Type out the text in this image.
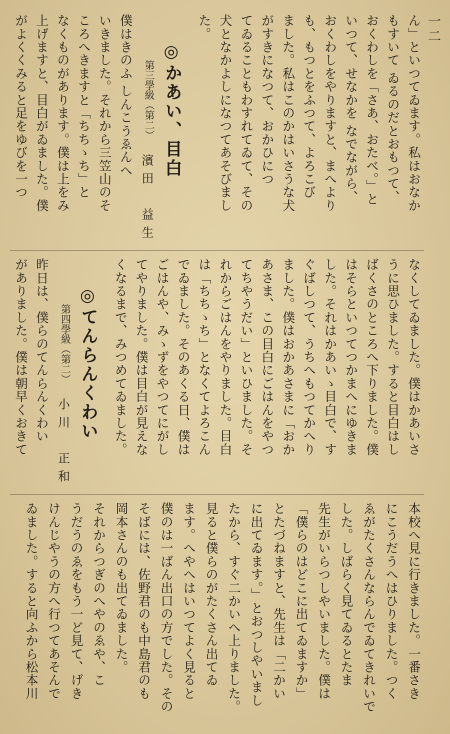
一二
ん」といつてゐます。私はおなか
もすいて ゐるのだとおもつて、
おくわしを「さあ、おたべ。」と
いつて、せなかを なでながら、
おくわしをやりますと、まへより
も、もつとをふつて、よろこび
ました。私はこのかはいさうな犬
がすきになつて、おかひにつ
てゐることもわすれてゐて、その
犬となかよしになつてあそびまし
た。
◎かあい、目白
第三學級（第二） 濱田　益生
僕はきのふ しんこうゑんへ
いきました。それから三笠山のそ
ころへきますと「ちちゝち」と
なくものがあります。僕は上をみ
上げますと、目白がゐました。僕
がよくくみると足をゆびを一つ
なくしてゐました。僕はかあいさ
うに思ひました。すると目白はし
ばくさのところへ下りました。僕
はそらといつてつかまへにゆきま
した。それはかあいゝ目白で、す
ぐばしつて、うちへもつてかへり
ました。僕はおかあさまに「おか
あさま、この目白にごはんをやつ
てちやうだい」といひました。そ
れからごはんをやりました。目白
は「ちちゝち」となくてよろこん
でゐました。そのあくる日、僕は
ごはんや、みゝずをやつてにがし
てやりました。僕は目白が見えな
くなるまで、みつめてゐました。
◎てんらんくわい
第四學級（第二） 小川　正和
昨日は、僕らのてんらんくわい
がありました。僕は朝早くおきて
本校へ見に行きました。一番さき
にこうだうへはひりました。つく
ゑがたくさんならんでゐてきれいで
した。しばらく見てゐるとたま
先生がいらつしやいました。僕は
「僕らのはどこに出てゐますか」
とたづねますと、先生は「二かい
に出てゐます。」とおつしやいまし
たから、すぐ二かいへ上りました。
見ると僕らのがたくさん出てゐ
ます。へやへはいつてよく見ると
僕のは一ばん出口の方でした。その
そばには、佐野君のも中島君のも
岡本さんのも出てゐました。
それからつぎのへやのゑや、こ
うだうのゑをもう一ど見て、げき
けんじやうの方へ行つてあそんで
ゐました。すると向ふから松本川
